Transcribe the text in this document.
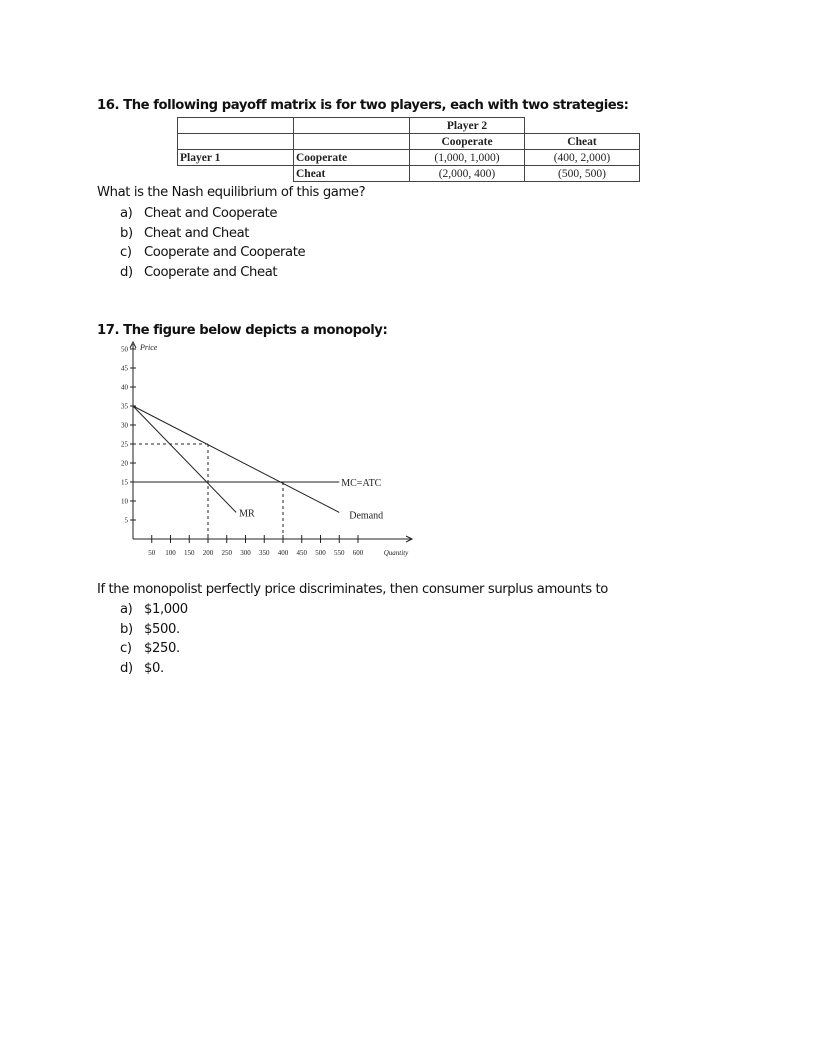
16. The following payoff matrix is for two players, each with two strategies:
		Player 2	
		Cooperate	Cheat
Player 1	Cooperate	(1,000, 1,000)	(400, 2,000)
	Cheat	(2,000, 400)	(500, 500)
What is the Nash equilibrium of this game?
a) Cheat and Cooperate
b) Cheat and Cheat
c) Cooperate and Cooperate
d) Cooperate and Cheat
17. The figure below depicts a monopoly:
5
10
15
20
25
30
35
40
45
50
50 100 150 200 250 300 350 400 450 500 550 600
Price
Quantity
Demand
MR
MC=ATC
If the monopolist perfectly price discriminates, then consumer surplus amounts to
a) $1,000
b) $500.
c) $250.
d) $0.
